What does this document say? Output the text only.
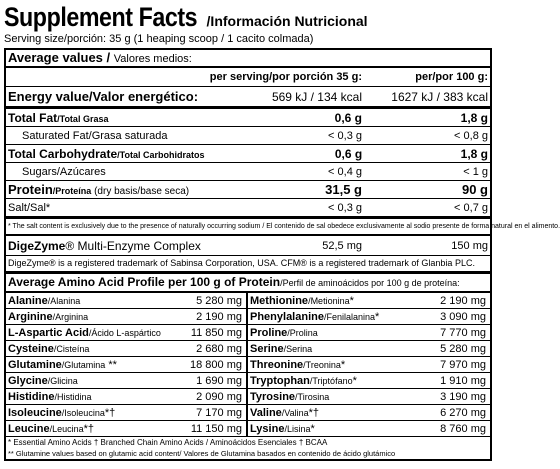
Supplement Facts /Información Nutricional
Serving size/porción: 35 g (1 heaping scoop / 1 cacito colmada)
Average values / Valores medios:
per serving/por porción 35 g:	per/por 100 g:
Energy value/Valor energético:	569 kJ / 134 kcal	1627 kJ / 383 kcal
Total Fat/Total Grasa	0,6 g	1,8 g
Saturated Fat/Grasa saturada	< 0,3 g	< 0,8 g
Total Carbohydrate/Total Carbohidratos	0,6 g	1,8 g
Sugars/Azúcares	< 0,4 g	< 1 g
Protein/Proteína (dry basis/base seca)	31,5 g	90 g
Salt/Sal*	< 0,3 g	< 0,7 g
* The salt content is exclusively due to the presence of naturally occurring sodium / El contenido de sal obedece exclusivamente al sodio presente de forma natural en el alimento.
DigeZyme® Multi-Enzyme Complex	52,5 mg	150 mg
DigeZyme® is a registered trademark of Sabinsa Corporation, USA. CFM® is a registered trademark of Glanbia PLC.
Average Amino Acid Profile per 100 g of Protein/Perfil de aminoácidos por 100 g de proteína:
Alanine/Alanina	5 280 mg	Methionine/Metionina*	2 190 mg
Arginine/Arginina	2 190 mg	Phenylalanine/Fenilalanina*	3 090 mg
L-Aspartic Acid/Ácido L-aspártico	11 850 mg	Proline/Prolina	7 770 mg
Cysteine/Cisteína	2 680 mg	Serine/Serina	5 280 mg
Glutamine/Glutamina **	18 800 mg	Threonine/Treonina*	7 970 mg
Glycine/Glicina	1 690 mg	Tryptophan/Triptófano*	1 910 mg
Histidine/Histidina	2 090 mg	Tyrosine/Tirosina	3 190 mg
Isoleucine/Isoleucina*†	7 170 mg	Valine/Valina*†	6 270 mg
Leucine/Leucina*†	11 150 mg	Lysine/Lisina*	8 760 mg
* Essential Amino Acids † Branched Chain Amino Acids / Aminoácidos Esenciales † BCAA
** Glutamine values based on glutamic acid content/ Valores de Glutamina basados en contenido de ácido glutámico
